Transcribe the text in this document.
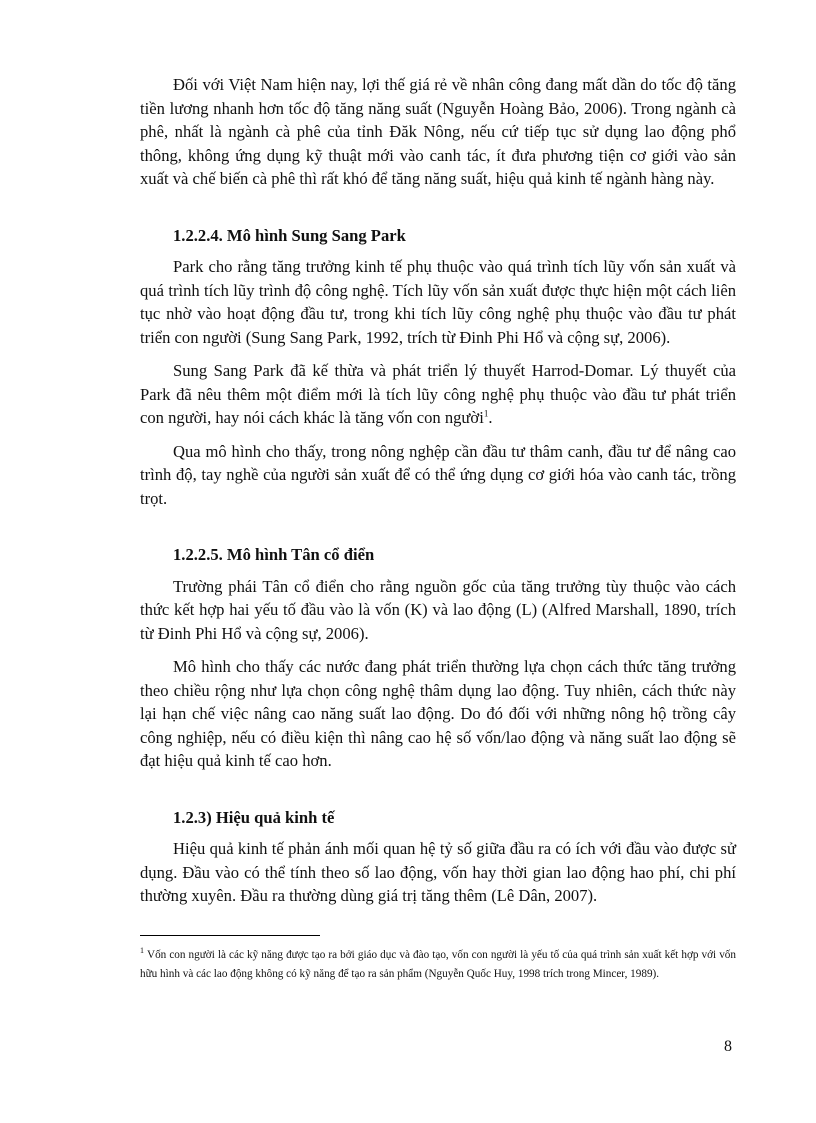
Đối với Việt Nam hiện nay, lợi thế giá rẻ về nhân công đang mất dần do tốc độ tăng tiền lương nhanh hơn tốc độ tăng năng suất (Nguyễn Hoàng Bảo, 2006). Trong ngành cà phê, nhất là ngành cà phê của tỉnh Đăk Nông, nếu cứ tiếp tục sử dụng lao động phổ thông, không ứng dụng kỹ thuật mới vào canh tác, ít đưa phương tiện cơ giới vào sản xuất và chế biến cà phê thì rất khó để tăng năng suất, hiệu quả kinh tế ngành hàng này.

1.2.2.4. Mô hình Sung Sang Park

Park cho rằng tăng trưởng kinh tế phụ thuộc vào quá trình tích lũy vốn sản xuất và quá trình tích lũy trình độ công nghệ. Tích lũy vốn sản xuất được thực hiện một cách liên tục nhờ vào hoạt động đầu tư, trong khi tích lũy công nghệ phụ thuộc vào đầu tư phát triển con người (Sung Sang Park, 1992, trích từ Đinh Phi Hổ và cộng sự, 2006).

Sung Sang Park đã kế thừa và phát triển lý thuyết Harrod-Domar. Lý thuyết của Park đã nêu thêm một điểm mới là tích lũy công nghệ phụ thuộc vào đầu tư phát triển con người, hay nói cách khác là tăng vốn con người$^1$.

Qua mô hình cho thấy, trong nông nghệp cần đầu tư thâm canh, đầu tư để nâng cao trình độ, tay nghề của người sản xuất để có thể ứng dụng cơ giới hóa vào canh tác, trồng trọt.

1.2.2.5. Mô hình Tân cổ điển

Trường phái Tân cổ điển cho rằng nguồn gốc của tăng trưởng tùy thuộc vào cách thức kết hợp hai yếu tố đầu vào là vốn (K) và lao động (L) (Alfred Marshall, 1890, trích từ Đinh Phi Hổ và cộng sự, 2006).

Mô hình cho thấy các nước đang phát triển thường lựa chọn cách thức tăng trưởng theo chiều rộng như lựa chọn công nghệ thâm dụng lao động. Tuy nhiên, cách thức này lại hạn chế việc nâng cao năng suất lao động. Do đó đối với những nông hộ trồng cây công nghiệp, nếu có điều kiện thì nâng cao hệ số vốn/lao động và năng suất lao động sẽ đạt hiệu quả kinh tế cao hơn.

1.2.3) Hiệu quả kinh tế

Hiệu quả kinh tế phản ánh mối quan hệ tỷ số giữa đầu ra có ích với đầu vào được sử dụng. Đầu vào có thể tính theo số lao động, vốn hay thời gian lao động hao phí, chi phí thường xuyên. Đầu ra thường dùng giá trị tăng thêm (Lê Dân, 2007).

$^1$ Vốn con người là các kỹ năng được tạo ra bởi giáo dục và đào tạo, vốn con người là yếu tố của quá trình sản xuất kết hợp với vốn hữu hình và các lao động không có kỹ năng để tạo ra sản phẩm (Nguyễn Quốc Huy, 1998 trích trong Mincer, 1989).

8
